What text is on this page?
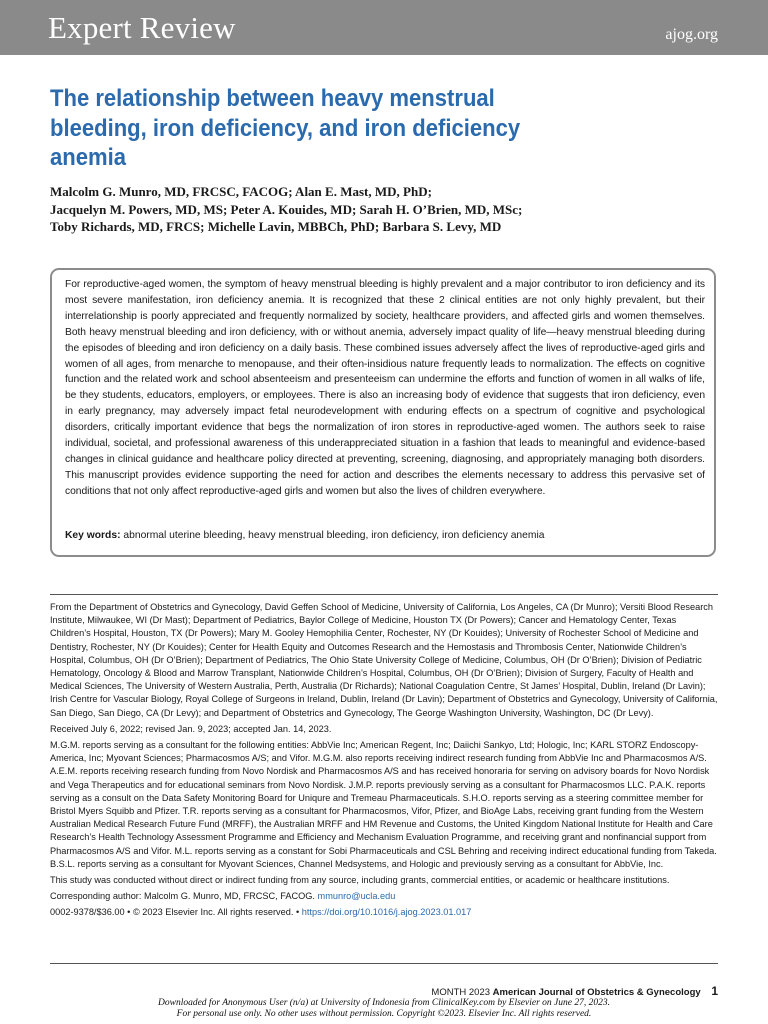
Expert Review	ajog.org
The relationship between heavy menstrual bleeding, iron deficiency, and iron deficiency anemia
Malcolm G. Munro, MD, FRCSC, FACOG; Alan E. Mast, MD, PhD;
Jacquelyn M. Powers, MD, MS; Peter A. Kouides, MD; Sarah H. O’Brien, MD, MSc;
Toby Richards, MD, FRCS; Michelle Lavin, MBBCh, PhD; Barbara S. Levy, MD
For reproductive-aged women, the symptom of heavy menstrual bleeding is highly prevalent and a major contributor to iron deficiency and its most severe manifestation, iron deficiency anemia. It is recognized that these 2 clinical entities are not only highly prevalent, but their interrelationship is poorly appreciated and frequently normalized by society, healthcare providers, and affected girls and women themselves. Both heavy menstrual bleeding and iron deficiency, with or without anemia, adversely impact quality of life—heavy menstrual bleeding during the episodes of bleeding and iron deficiency on a daily basis. These combined issues adversely affect the lives of reproductive-aged girls and women of all ages, from menarche to menopause, and their often-insidious nature frequently leads to normalization. The effects on cognitive function and the related work and school absenteeism and presenteeism can undermine the efforts and function of women in all walks of life, be they students, educators, employers, or employees. There is also an increasing body of evidence that suggests that iron deficiency, even in early pregnancy, may adversely impact fetal neurodevelopment with enduring effects on a spectrum of cognitive and psychological disorders, critically important evidence that begs the normalization of iron stores in reproductive-aged women. The authors seek to raise individual, societal, and professional awareness of this underappreciated situation in a fashion that leads to meaningful and evidence-based changes in clinical guidance and healthcare policy directed at preventing, screening, diagnosing, and appropriately managing both disorders. This manuscript provides evidence supporting the need for action and describes the elements necessary to address this pervasive set of conditions that not only affect reproductive-aged girls and women but also the lives of children everywhere.
Key words: abnormal uterine bleeding, heavy menstrual bleeding, iron deficiency, iron deficiency anemia

From the Department of Obstetrics and Gynecology, David Geffen School of Medicine, University of California, Los Angeles, CA (Dr Munro); Versiti Blood Research Institute, Milwaukee, WI (Dr Mast); Department of Pediatrics, Baylor College of Medicine, Houston TX (Dr Powers); Cancer and Hematology Center, Texas Children’s Hospital, Houston, TX (Dr Powers); Mary M. Gooley Hemophilia Center, Rochester, NY (Dr Kouides); University of Rochester School of Medicine and Dentistry, Rochester, NY (Dr Kouides); Center for Health Equity and Outcomes Research and the Hemostasis and Thrombosis Center, Nationwide Children’s Hospital, Columbus, OH (Dr O’Brien); Department of Pediatrics, The Ohio State University College of Medicine, Columbus, OH (Dr O’Brien); Division of Pediatric Hematology, Oncology & Blood and Marrow Transplant, Nationwide Children’s Hospital, Columbus, OH (Dr O’Brien); Division of Surgery, Faculty of Health and Medical Sciences, The University of Western Australia, Perth, Australia (Dr Richards); National Coagulation Centre, St James’ Hospital, Dublin, Ireland (Dr Lavin); Irish Centre for Vascular Biology, Royal College of Surgeons in Ireland, Dublin, Ireland (Dr Lavin); Department of Obstetrics and Gynecology, University of California, San Diego, San Diego, CA (Dr Levy); and Department of Obstetrics and Gynecology, The George Washington University, Washington, DC (Dr Levy).

Received July 6, 2022; revised Jan. 9, 2023; accepted Jan. 14, 2023.

M.G.M. reports serving as a consultant for the following entities: AbbVie Inc; American Regent, Inc; Daiichi Sankyo, Ltd; Hologic, Inc; KARL STORZ Endoscopy-America, Inc; Myovant Sciences; Pharmacosmos A/S; and Vifor. M.G.M. also reports receiving indirect research funding from AbbVie Inc and Pharmacosmos A/S. A.E.M. reports receiving research funding from Novo Nordisk and Pharmacosmos A/S and has received honoraria for serving on advisory boards for Novo Nordisk and Vega Therapeutics and for educational seminars from Novo Nordisk. J.M.P. reports previously serving as a consultant for Pharmacosmos LLC. P.A.K. reports serving as a consult on the Data Safety Monitoring Board for Uniqure and Tremeau Pharmaceuticals. S.H.O. reports serving as a steering committee member for Bristol Myers Squibb and Pfizer. T.R. reports serving as a consultant for Pharmacosmos, Vifor, Pfizer, and BioAge Labs, receiving grant funding from the Western Australian Medical Research Future Fund (MRFF), the Australian MRFF and HM Revenue and Customs, the United Kingdom National Institute for Health and Care Research’s Health Technology Assessment Programme and Efficiency and Mechanism Evaluation Programme, and receiving grant and nonfinancial support from Pharmacosmos A/S and Vifor. M.L. reports serving as a constant for Sobi Pharmaceuticals and CSL Behring and receiving indirect educational funding from Takeda. B.S.L. reports serving as a consultant for Myovant Sciences, Channel Medsystems, and Hologic and previously serving as a consultant for AbbVie, Inc.

This study was conducted without direct or indirect funding from any source, including grants, commercial entities, or academic or healthcare institutions.

Corresponding author: Malcolm G. Munro, MD, FRCSC, FACOG. mmunro@ucla.edu

0002-9378/$36.00 • © 2023 Elsevier Inc. All rights reserved. • https://doi.org/10.1016/j.ajog.2023.01.017

MONTH 2023 American Journal of Obstetrics & Gynecology 1
Downloaded for Anonymous User (n/a) at University of Indonesia from ClinicalKey.com by Elsevier on June 27, 2023.
For personal use only. No other uses without permission. Copyright ©2023. Elsevier Inc. All rights reserved.
